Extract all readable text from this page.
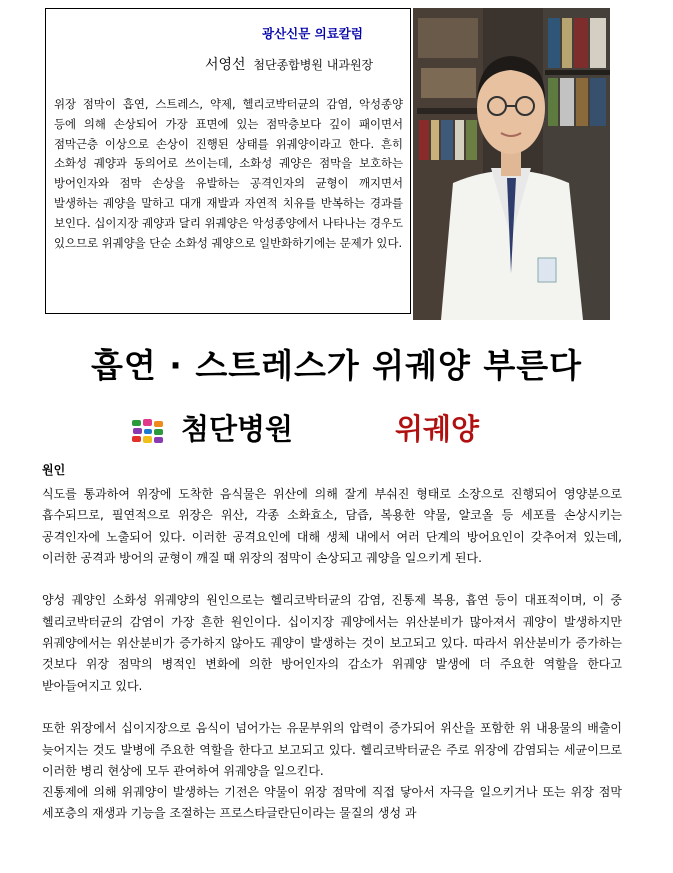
광산신문 의료칼럼
서영선 첨단종합병원 내과원장
위장 점막이 흡연, 스트레스, 약제, 헬리코박터균의 감염, 악성종양 등에 의해 손상되어 가장 표면에 있는 점막층보다 깊이 패이면서 점막근층 이상으로 손상이 진행된 상태를 위궤양이라고 한다. 흔히 소화성 궤양과 동의어로 쓰이는데, 소화성 궤양은 점막을 보호하는 방어인자와 점막 손상을 유발하는 공격인자의 균형이 깨지면서 발생하는 궤양을 말하고 대개 재발과 자연적 치유를 반복하는 경과를 보인다. 십이지장 궤양과 달리 위궤양은 악성종양에서 나타나는 경우도 있으므로 위궤양을 단순 소화성 궤양으로 일반화하기에는 문제가 있다.
흡연 · 스트레스가 위궤양 부른다
첨단병원	위궤양
원인

식도를 통과하여 위장에 도착한 음식물은 위산에 의해 잘게 부숴진 형태로 소장으로 진행되어 영양분으로 흡수되므로, 필연적으로 위장은 위산, 각종 소화효소, 담즙, 복용한 약물, 알코올 등 세포를 손상시키는 공격인자에 노출되어 있다. 이러한 공격요인에 대해 생체 내에서 여러 단계의 방어요인이 갖추어져 있는데, 이러한 공격과 방어의 균형이 깨질 때 위장의 점막이 손상되고 궤양을 일으키게 된다.

양성 궤양인 소화성 위궤양의 원인으로는 헬리코박터균의 감염, 진통제 복용, 흡연 등이 대표적이며, 이 중 헬리코박터균의 감염이 가장 흔한 원인이다. 십이지장 궤양에서는 위산분비가 많아져서 궤양이 발생하지만 위궤양에서는 위산분비가 증가하지 않아도 궤양이 발생하는 것이 보고되고 있다. 따라서 위산분비가 증가하는 것보다 위장 점막의 병적인 변화에 의한 방어인자의 감소가 위궤양 발생에 더 주요한 역할을 한다고 받아들여지고 있다.

또한 위장에서 십이지장으로 음식이 넘어가는 유문부위의 압력이 증가되어 위산을 포함한 위 내용물의 배출이 늦어지는 것도 발병에 주요한 역할을 한다고 보고되고 있다. 헬리코박터균은 주로 위장에 감염되는 세균이므로 이러한 병리 현상에 모두 관여하여 위궤양을 일으킨다.

진통제에 의해 위궤양이 발생하는 기전은 약물이 위장 점막에 직접 닿아서 자극을 일으키거나 또는 위장 점막 세포층의 재생과 기능을 조절하는 프로스타글란딘이라는 물질의 생성 과
